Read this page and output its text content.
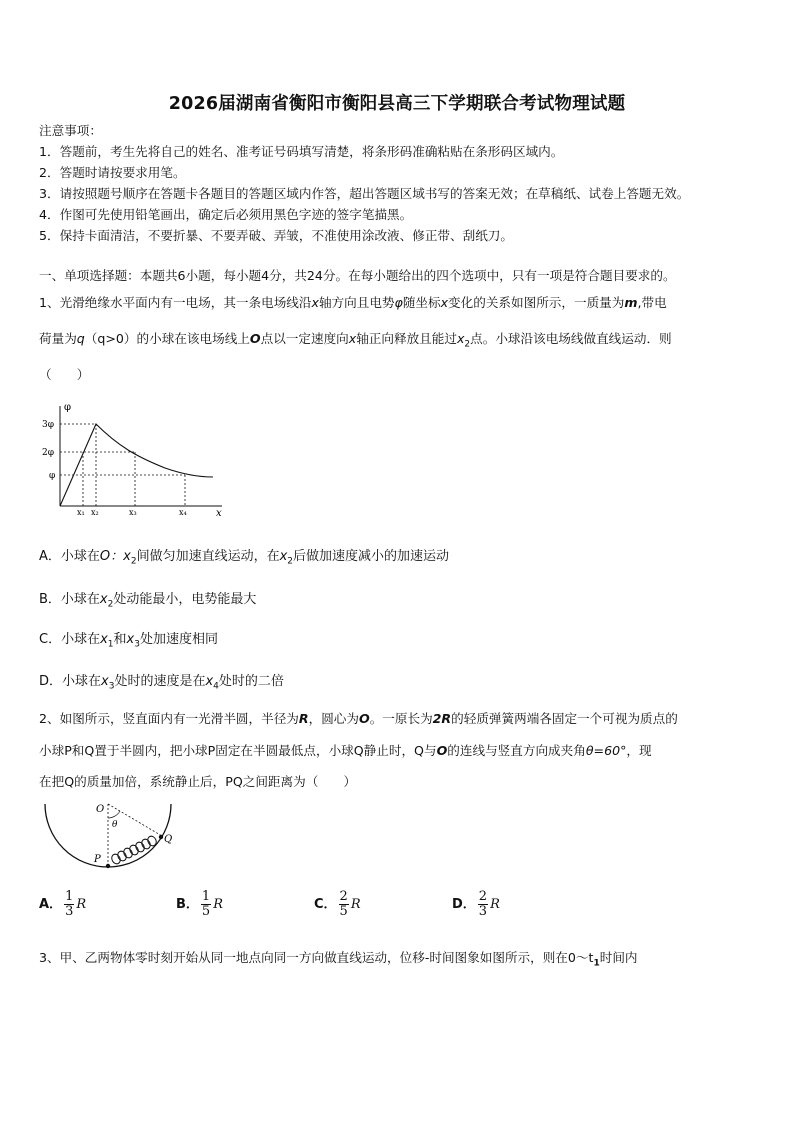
2026届湖南省衡阳市衡阳县高三下学期联合考试物理试题
注意事项：
1．答题前，考生先将自己的姓名、准考证号码填写清楚，将条形码准确粘贴在条形码区域内。
2．答题时请按要求用笔。
3．请按照题号顺序在答题卡各题目的答题区域内作答，超出答题区域书写的答案无效；在草稿纸、试卷上答题无效。
4．作图可先使用铅笔画出，确定后必须用黑色字迹的签字笔描黑。
5．保持卡面清洁，不要折暴、不要弄破、弄皱，不准使用涂改液、修正带、刮纸刀。
一、单项选择题：本题共6小题，每小题4分，共24分。在每小题给出的四个选项中，只有一项是符合题目要求的。
1、光滑绝缘水平面内有一电场，其一条电场线沿x轴方向且电势φ随坐标x变化的关系如图所示，一质量为m,带电
荷量为q（q>0）的小球在该电场线上O点以一定速度向x轴正向释放且能过$x_2$点。小球沿该电场线做直线运动．则
（　　）
φ
x
3φ
2φ
φ
x₁ x₂	x₃	x₄
A．小球在O：$x_2$间做匀加速直线运动，在$x_2$后做加速度减小的加速运动
B．小球在$x_2$处动能最小，电势能最大
C．小球在$x_1$和$x_3$处加速度相同
D．小球在$x_3$处时的速度是在$x_4$处时的二倍
2、如图所示，竖直面内有一光滑半圆，半径为R，圆心为O。一原长为2R的轻质弹簧两端各固定一个可视为质点的
小球P和Q置于半圆内，把小球P固定在半圆最低点，小球Q静止时，Q与O的连线与竖直方向成夹角θ=60°，现
在把Q的质量加倍，系统静止后，PQ之间距离为（　　）
O
θ
P
Q
A． $\frac{1}{3}$ R	B． $\frac{1}{5}$ R	C． $\frac{2}{5}$ R	D． $\frac{2}{3}$ R
3、甲、乙两物体零时刻开始从同一地点向同一方向做直线运动，位移-时间图象如图所示，则在$0\sim t_1$时间内
